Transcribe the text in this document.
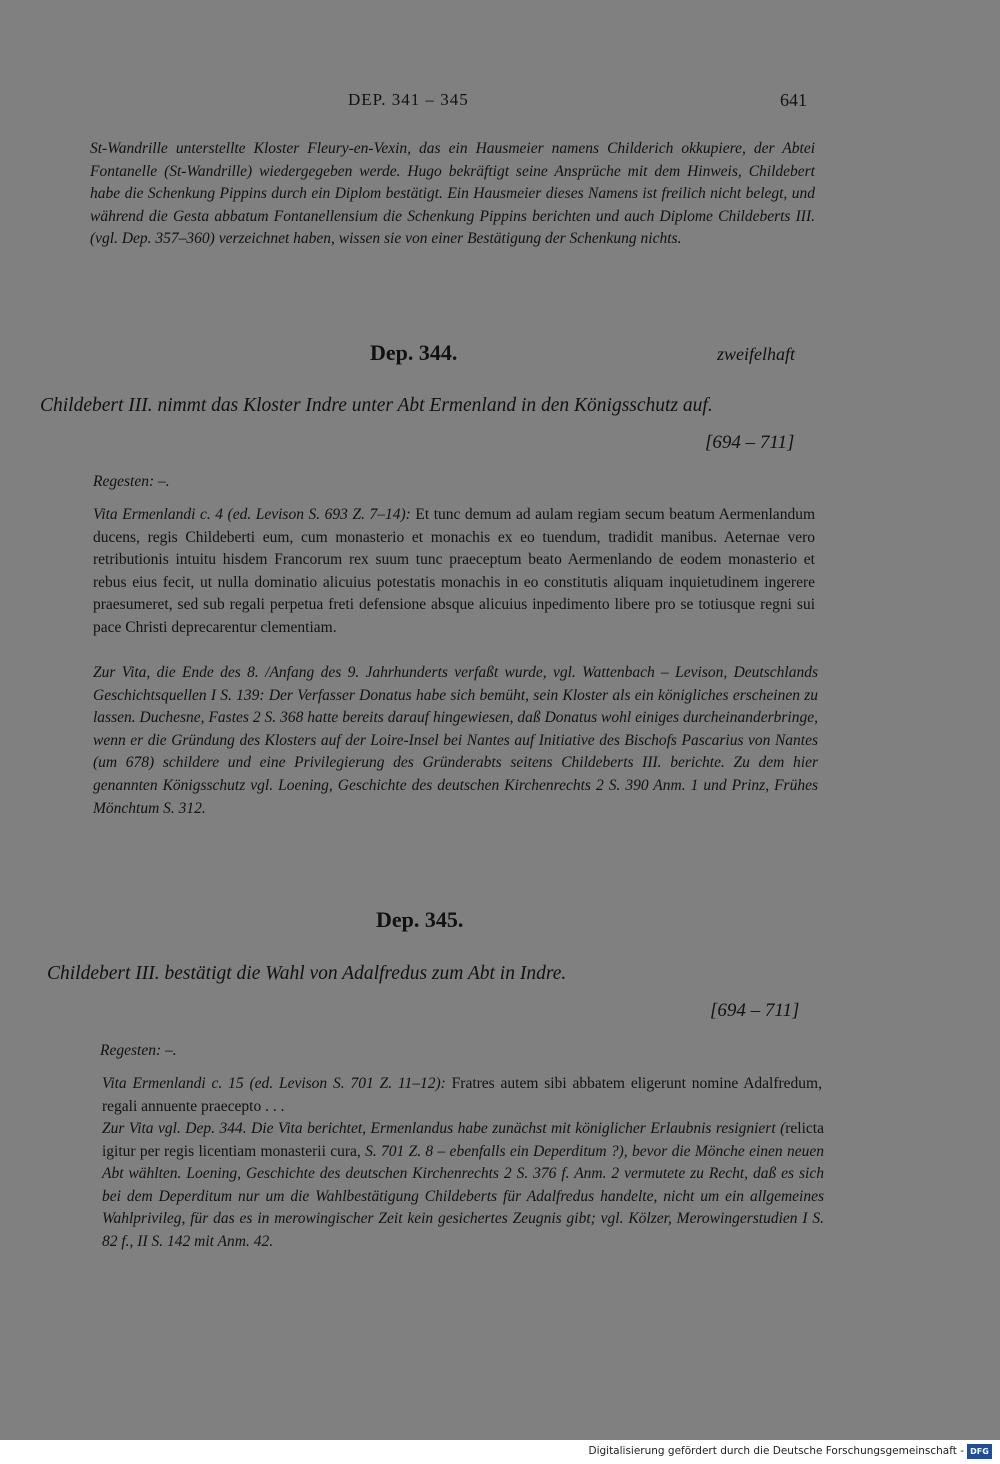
DEP. 341 – 345	641

St-Wandrille unterstellte Kloster Fleury-en-Vexin, das ein Hausmeier namens Childerich okkupiere, der Abtei Fontanelle (St-Wandrille) wiedergegeben werde. Hugo bekräftigt seine Ansprüche mit dem Hinweis, Childebert habe die Schenkung Pippins durch ein Diplom bestätigt. Ein Hausmeier dieses Namens ist freilich nicht belegt, und während die Gesta abbatum Fontanellensium die Schenkung Pippins berichten und auch Diplome Childeberts III. (vgl. Dep. 357–360) verzeichnet haben, wissen sie von einer Bestätigung der Schenkung nichts.

Dep. 344.	zweifelhaft
Childebert III. nimmt das Kloster Indre unter Abt Ermenland in den Königsschutz auf.
[694 – 711]
Regesten: –.

Vita Ermenlandi c. 4 (ed. Levison S. 693 Z. 7–14): Et tunc demum ad aulam regiam secum beatum Aermenlandum ducens, regis Childeberti eum, cum monasterio et monachis ex eo tuendum, tradidit manibus. Aeternae vero retributionis intuitu hisdem Francorum rex suum tunc praeceptum beato Aermenlando de eodem monasterio et rebus eius fecit, ut nulla dominatio alicuius potestatis monachis in eo constitutis aliquam inquietudinem ingerere praesumeret, sed sub regali perpetua freti defensione absque alicuius inpedimento libere pro se totiusque regni sui pace Christi deprecarentur clementiam.

Zur Vita, die Ende des 8. /Anfang des 9. Jahrhunderts verfaßt wurde, vgl. Wattenbach – Levison, Deutschlands Geschichtsquellen I S. 139: Der Verfasser Donatus habe sich bemüht, sein Kloster als ein königliches erscheinen zu lassen. Duchesne, Fastes 2 S. 368 hatte bereits darauf hingewiesen, daß Donatus wohl einiges durcheinanderbringe, wenn er die Gründung des Klosters auf der Loire-Insel bei Nantes auf Initiative des Bischofs Pascarius von Nantes (um 678) schildere und eine Privilegierung des Gründerabts seitens Childeberts III. berichte. Zu dem hier genannten Königsschutz vgl. Loening, Geschichte des deutschen Kirchenrechts 2 S. 390 Anm. 1 und Prinz, Frühes Mönchtum S. 312.

Dep. 345.
Childebert III. bestätigt die Wahl von Adalfredus zum Abt in Indre.
[694 – 711]
Regesten: –.

Vita Ermenlandi c. 15 (ed. Levison S. 701 Z. 11–12): Fratres autem sibi abbatem eligerunt nomine Adalfredum, regali annuente praecepto . . .

Zur Vita vgl. Dep. 344. Die Vita berichtet, Ermenlandus habe zunächst mit königlicher Erlaubnis resigniert (relicta igitur per regis licentiam monasterii cura, S. 701 Z. 8 – ebenfalls ein Deperditum ?), bevor die Mönche einen neuen Abt wählten. Loening, Geschichte des deutschen Kirchenrechts 2 S. 376 f. Anm. 2 vermutete zu Recht, daß es sich bei dem Deperditum nur um die Wahlbestätigung Childeberts für Adalfredus handelte, nicht um ein allgemeines Wahlprivileg, für das es in merowingischer Zeit kein gesichertes Zeugnis gibt; vgl. Kölzer, Merowingerstudien I S. 82 f., II S. 142 mit Anm. 42.

Digitalisierung gefördert durch die Deutsche Forschungsgemeinschaft - DFG
